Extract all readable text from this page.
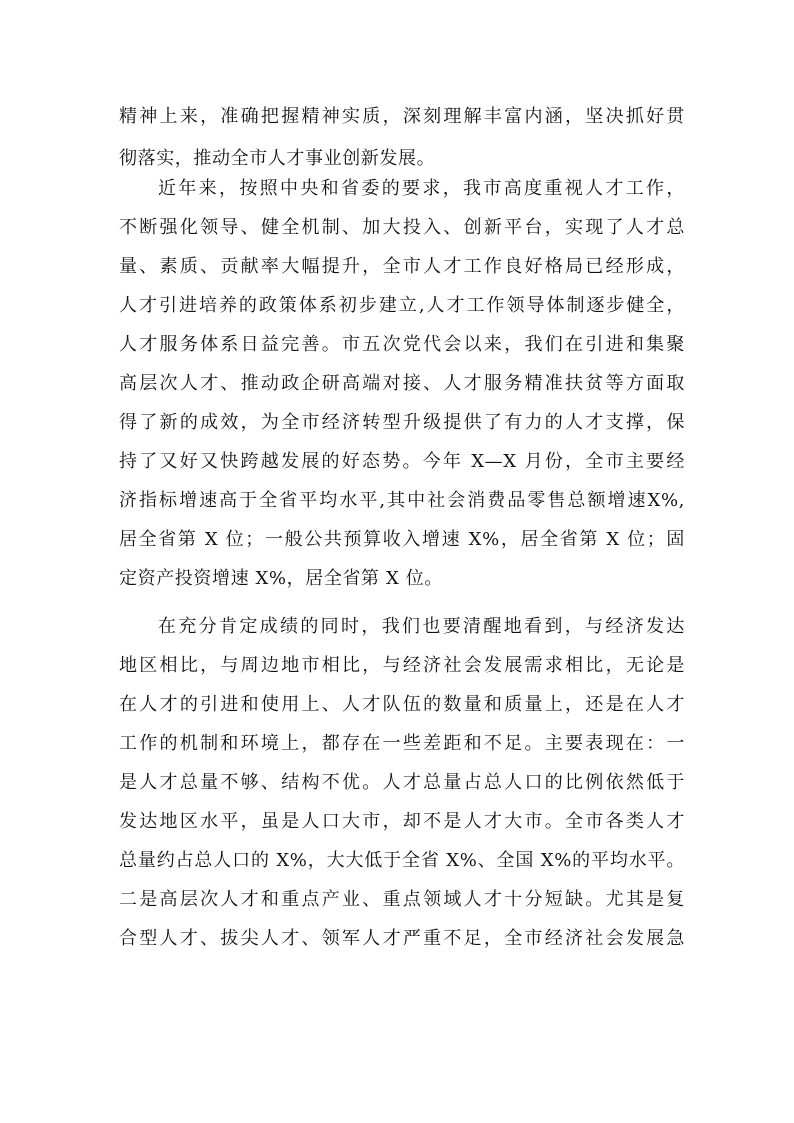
精神上来，准确把握精神实质，深刻理解丰富内涵，坚决抓好贯
彻落实，推动全市人才事业创新发展。
近年来，按照中央和省委的要求，我市高度重视人才工作，
不断强化领导、健全机制、加大投入、创新平台，实现了人才总
量、素质、贡献率大幅提升，全市人才工作良好格局已经形成，
人才引进培养的政策体系初步建立,人才工作领导体制逐步健全，
人才服务体系日益完善。市五次党代会以来，我们在引进和集聚
高层次人才、推动政企研高端对接、人才服务精准扶贫等方面取
得了新的成效，为全市经济转型升级提供了有力的人才支撑，保
持了又好又快跨越发展的好态势。今年 X—X 月份，全市主要经
济指标增速高于全省平均水平,其中社会消费品零售总额增速X%,
居全省第 X 位；一般公共预算收入增速 X%，居全省第 X 位；固
定资产投资增速 X%，居全省第 X 位。
在充分肯定成绩的同时，我们也要清醒地看到，与经济发达
地区相比，与周边地市相比，与经济社会发展需求相比，无论是
在人才的引进和使用上、人才队伍的数量和质量上，还是在人才
工作的机制和环境上，都存在一些差距和不足。主要表现在：一
是人才总量不够、结构不优。人才总量占总人口的比例依然低于
发达地区水平，虽是人口大市，却不是人才大市。全市各类人才
总量约占总人口的 X%，大大低于全省 X%、全国 X%的平均水平。
二是高层次人才和重点产业、重点领域人才十分短缺。尤其是复
合型人才、拔尖人才、领军人才严重不足，全市经济社会发展急
